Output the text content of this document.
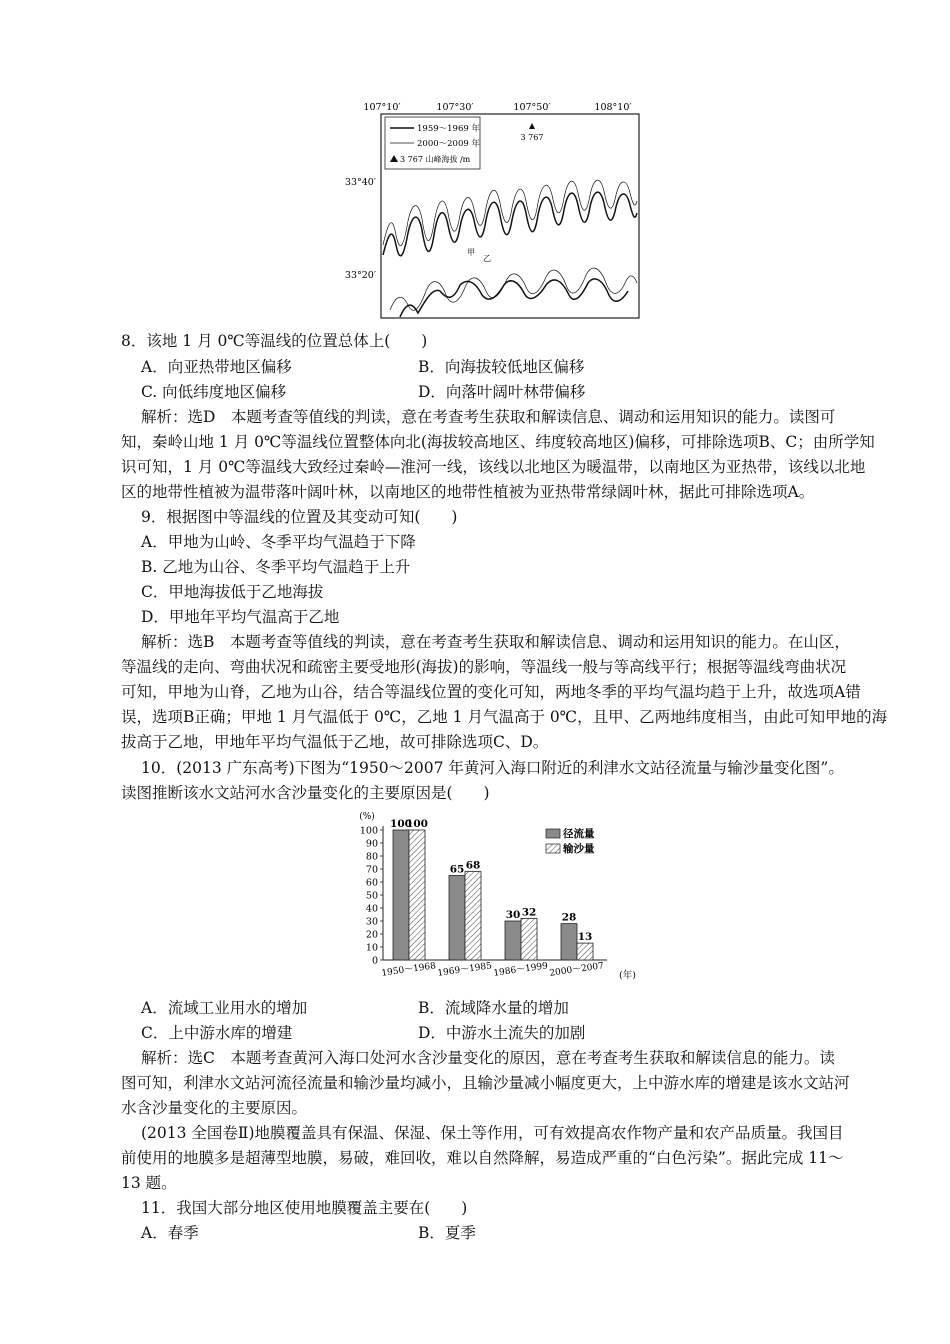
107°10′	107°30′	107°50′	108°10′
33°40′
33°20′
1959～1969 年
2000～2009 年
3 767 山峰海拔 /m
3 767
甲
乙
8．该地 1 月 0℃等温线的位置总体上(　　)
A．向亚热带地区偏移	B．向海拔较低地区偏移
C. 向低纬度地区偏移	D．向落叶阔叶林带偏移
解析：选D　本题考查等值线的判读，意在考查考生获取和解读信息、调动和运用知识的能力。读图可
知，秦岭山地 1 月 0℃等温线位置整体向北(海拔较高地区、纬度较高地区)偏移，可排除选项B、C；由所学知
识可知，1 月 0℃等温线大致经过秦岭—淮河一线，该线以北地区为暖温带，以南地区为亚热带，该线以北地
区的地带性植被为温带落叶阔叶林，以南地区的地带性植被为亚热带常绿阔叶林，据此可排除选项A。
9．根据图中等温线的位置及其变动可知(　　)
A．甲地为山岭、冬季平均气温趋于下降
B. 乙地为山谷、冬季平均气温趋于上升
C．甲地海拔低于乙地海拔
D．甲地年平均气温高于乙地
解析：选B　本题考查等值线的判读，意在考查考生获取和解读信息、调动和运用知识的能力。在山区，
等温线的走向、弯曲状况和疏密主要受地形(海拔)的影响，等温线一般与等高线平行；根据等温线弯曲状况
可知，甲地为山脊，乙地为山谷，结合等温线位置的变化可知，两地冬季的平均气温均趋于上升，故选项A错
误，选项B正确；甲地 1 月气温低于 0℃，乙地 1 月气温高于 0℃，且甲、乙两地纬度相当，由此可知甲地的海
拔高于乙地，甲地年平均气温低于乙地，故可排除选项C、D。
10．(2013 广东高考)下图为“1950～2007 年黄河入海口附近的利津水文站径流量与输沙量变化图”。
读图推断该水文站河水含沙量变化的主要原因是(　　)
(%)
0
10
20
30
40
50
60
70
80
90
100
100
100
65 68
30 32 28
13
1950～1968 1969～1985 1986～1999 2000～2007 (年)
径流量
输沙量
A．流域工业用水的增加	B．流域降水量的增加
C．上中游水库的增建	D．中游水土流失的加剧
解析：选C　本题考查黄河入海口处河水含沙量变化的原因，意在考查考生获取和解读信息的能力。读
图可知，利津水文站河流径流量和输沙量均减小，且输沙量减小幅度更大，上中游水库的增建是该水文站河
水含沙量变化的主要原因。
(2013 全国卷Ⅱ)地膜覆盖具有保温、保湿、保土等作用，可有效提高农作物产量和农产品质量。我国目
前使用的地膜多是超薄型地膜，易破，难回收，难以自然降解，易造成严重的“白色污染”。据此完成 11～
13 题。
11．我国大部分地区使用地膜覆盖主要在(　　)
A．春季	B．夏季
